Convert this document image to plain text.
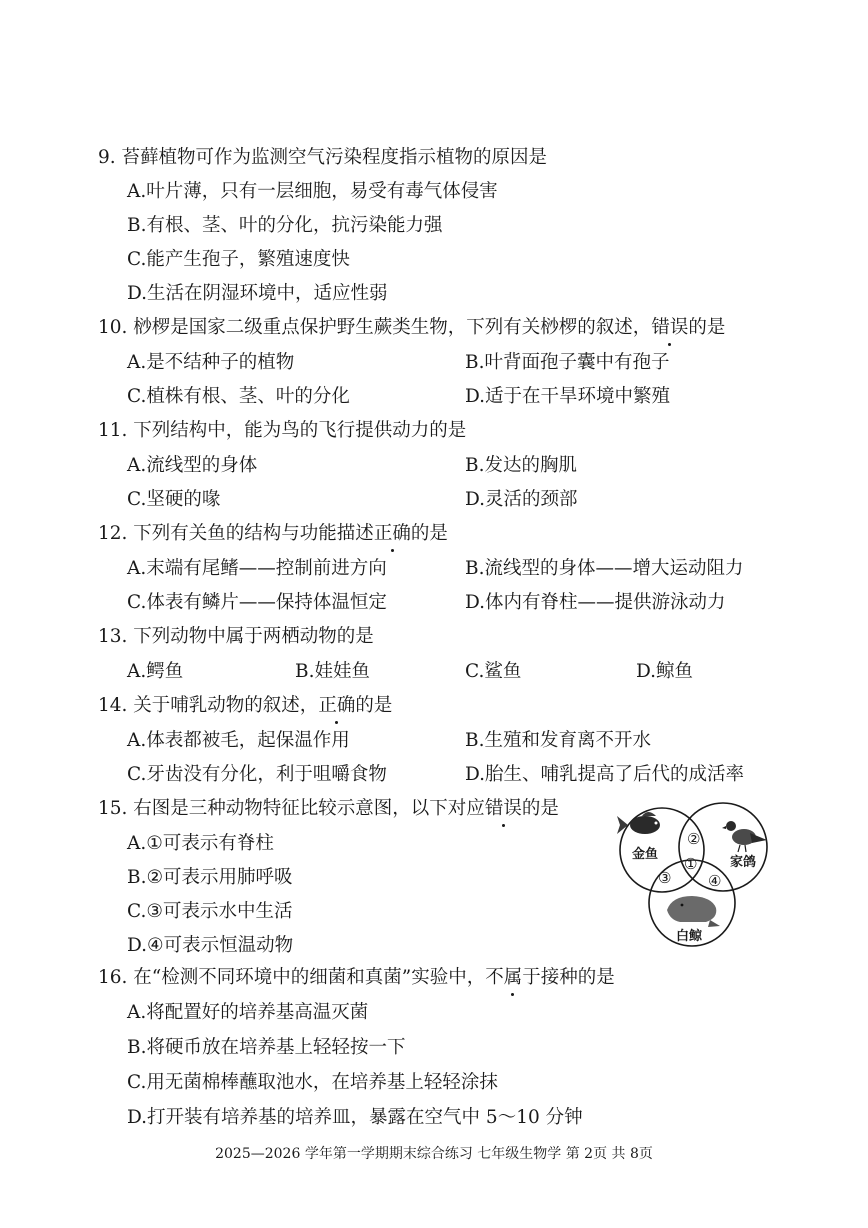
9. 苔藓植物可作为监测空气污染程度指示植物的原因是
A.叶片薄，只有一层细胞，易受有毒气体侵害
B.有根、茎、叶的分化，抗污染能力强
C.能产生孢子，繁殖速度快
D.生活在阴湿环境中，适应性弱
10. 桫椤是国家二级重点保护野生蕨类生物，下列有关桫椤的叙述，错误的是
A.是不结种子的植物	B.叶背面孢子囊中有孢子
C.植株有根、茎、叶的分化	D.适于在干旱环境中繁殖
11. 下列结构中，能为鸟的飞行提供动力的是
A.流线型的身体	B.发达的胸肌
C.坚硬的喙	D.灵活的颈部
12. 下列有关鱼的结构与功能描述正确的是
A.末端有尾鳍——控制前进方向	B.流线型的身体——增大运动阻力
C.体表有鳞片——保持体温恒定	D.体内有脊柱——提供游泳动力
13. 下列动物中属于两栖动物的是
A.鳄鱼	B.娃娃鱼	C.鲨鱼	D.鲸鱼
14. 关于哺乳动物的叙述，正确的是
A.体表都被毛，起保温作用	B.生殖和发育离不开水
C.牙齿没有分化，利于咀嚼食物	D.胎生、哺乳提高了后代的成活率
15. 右图是三种动物特征比较示意图，以下对应错误的是
A.①可表示有脊柱
B.②可表示用肺呼吸
C.③可表示水中生活
D.④可表示恒温动物
金鱼
家鸽
白鲸
②
①
③ ④
16. 在“检测不同环境中的细菌和真菌”实验中，不属于接种的是
A.将配置好的培养基高温灭菌
B.将硬币放在培养基上轻轻按一下
C.用无菌棉棒蘸取池水，在培养基上轻轻涂抹
D.打开装有培养基的培养皿，暴露在空气中 5～10 分钟
2025—2026 学年第一学期期末综合练习 七年级生物学 第 2页 共 8页
